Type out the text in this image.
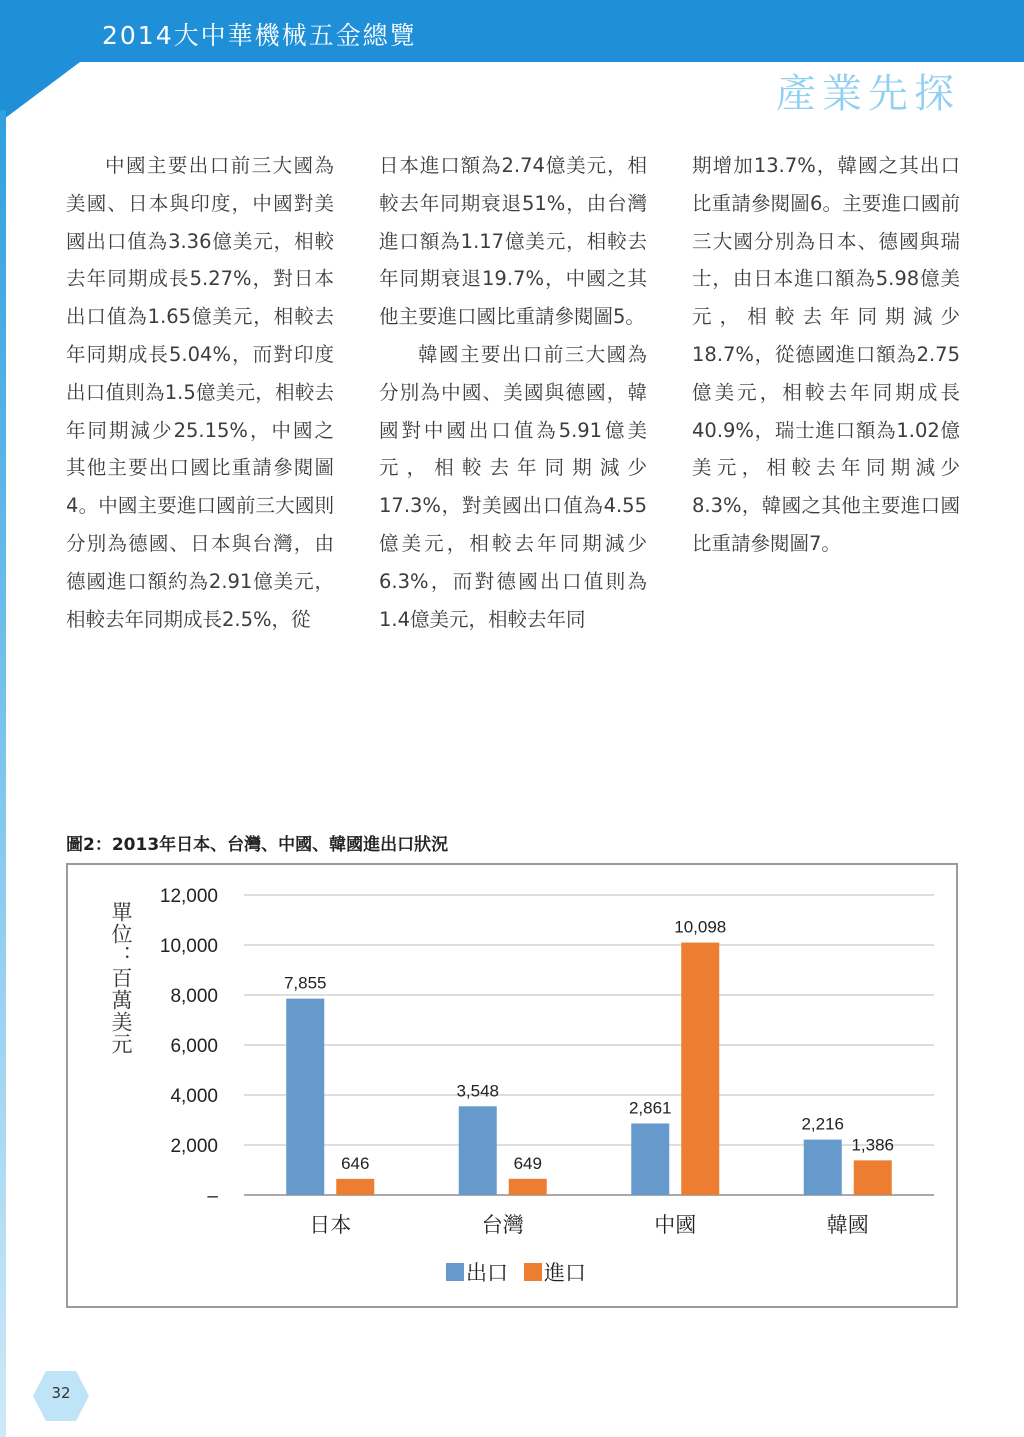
2014大中華機械五金總覽
產業先探

中國主要出口前三大國為美國、日本與印度，中國對美國出口值為3.36億美元，相較去年同期成長5.27%，對日本出口值為1.65億美元，相較去年同期成長5.04%，而對印度出口值則為1.5億美元，相較去年同期減少25.15%，中國之其他主要出口國比重請參閱圖4。中國主要進口國前三大國則分別為德國、日本與台灣，由德國進口額約為2.91億美元，相較去年同期成長2.5%，從

日本進口額為2.74億美元，相較去年同期衰退51%，由台灣進口額為1.17億美元，相較去年同期衰退19.7%，中國之其他主要進口國比重請參閱圖5。

韓國主要出口前三大國為分別為中國、美國與德國，韓國對中國出口值為5.91億美元，相較去年同期減少17.3%，對美國出口值為4.55億美元，相較去年同期減少6.3%，而對德國出口值則為1.4億美元，相較去年同

期增加13.7%，韓國之其出口比重請參閱圖6。主要進口國前三大國分別為日本、德國與瑞士，由日本進口額為5.98億美元，相較去年同期減少18.7%，從德國進口額為2.75億美元，相較去年同期成長40.9%，瑞士進口額為1.02億美元，相較去年同期減少8.3%，韓國之其他主要進口國比重請參閱圖7。

圖2：2013年日本、台灣、中國、韓國進出口狀況
–
2,000
4,000
6,000
8,000
10,000
12,000
單位：百萬美元	7,855
646
日本
3,548
649
台灣
2,861
10,098
中國
2,216
1,386
韓國
出口 進口
32
